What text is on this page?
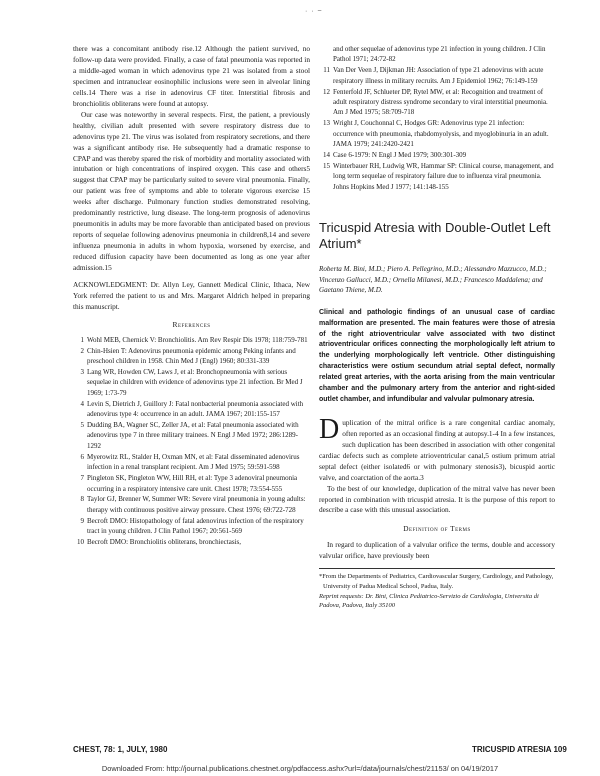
· · ~

there was a concomitant antibody rise.12 Although the patient survived, no follow-up data were provided. Finally, a case of fatal pneumonia was reported in a middle-aged woman in which adenovirus type 21 was isolated from a stool specimen and intranuclear eosinophilic inclusions were seen in alveolar lining cells.14 There was a rise in adenovirus CF titer. Interstitial fibrosis and bronchiolitis obliterans were found at autopsy.

Our case was noteworthy in several respects. First, the patient, a previously healthy, civilian adult presented with severe respiratory distress due to adenovirus type 21. The virus was isolated from respiratory secretions, and there was a significant antibody rise. He subsequently had a dramatic response to CPAP and was thereby spared the risk of morbidity and mortality associated with intubation or high concentrations of inspired oxygen. This case and others5 suggest that CPAP may be particularly suited to severe viral pneumonia. Finally, our patient was free of symptoms and able to tolerate vigorous exercise 15 weeks after discharge. Pulmonary function studies demonstrated resolving, predominantly restrictive, lung disease. The long-term prognosis of adenovirus pneumonitis in adults may be more favorable than anticipated based on previous reports of sequelae following adenovirus pneumonia in children8,14 and severe influenza pneumonia in adults in whom hypoxia, worsened by exercise, and reduced diffusion capacity have been documented as long as one year after admission.15

ACKNOWLEDGMENT: Dr. Allyn Ley, Gannett Medical Clinic, Ithaca, New York referred the patient to us and Mrs. Margaret Aldrich helped in preparing this manuscript.

References
1 Wohl MEB, Chernick V: Bronchiolitis. Am Rev Respir Dis 1978; 118:759-781
2 Chin-Hsien T: Adenovirus pneumonia epidemic among Peking infants and preschool children in 1958. Chin Med J (Engl) 1960; 80:331-339
3 Lang WR, Howden CW, Laws J, et al: Bronchopneumonia with serious sequelae in children with evidence of adenovirus type 21 infection. Br Med J 1969; 1:73-79
4 Levin S, Dietrich J, Guillory J: Fatal nonbacterial pneumonia associated with adenovirus type 4: occurrence in an adult. JAMA 1967; 201:155-157
5 Dudding BA, Wagner SC, Zeller JA, et al: Fatal pneumonia associated with adenovirus type 7 in three military trainees. N Engl J Med 1972; 286:1289-1292
6 Myerowitz RL, Stalder H, Oxman MN, et al: Fatal disseminated adenovirus infection in a renal transplant recipient. Am J Med 1975; 59:591-598
7 Pingleton SK, Pingleton WW, Hill RH, et al: Type 3 adenoviral pneumonia occurring in a respiratory intensive care unit. Chest 1978; 73:554-555
8 Taylor GJ, Brenner W, Summer WR: Severe viral pneumonia in young adults: therapy with continuous positive airway pressure. Chest 1976; 69:722-728
9 Becroft DMO: Histopathology of fatal adenovirus infection of the respiratory tract in young children. J Clin Pathol 1967; 20:561-569
10 Becroft DMO: Bronchiolitis obliterans, bronchiectasis,
and other sequelae of adenovirus type 21 infection in young children. J Clin Pathol 1971; 24:72-82
11 Van Der Veen J, Dijkman JH: Association of type 21 adenovirus with acute respiratory illness in military recruits. Am J Epidemiol 1962; 76:149-159
12 Fenterfold JF, Schlueter DP, Rytel MW, et al: Recognition and treatment of adult respiratory distress syndrome secondary to viral interstitial pneumonia. Am J Med 1975; 58:709-718
13 Wright J, Couchonnal C, Hodges GR: Adenovirus type 21 infection: occurrence with pneumonia, rhabdomyolysis, and myoglobinuria in an adult. JAMA 1979; 241:2420-2421
14 Case 6-1979: N Engl J Med 1979; 300:301-309
15 Winterbauer RH, Ludwig WR, Hammar SP: Clinical course, management, and long term sequelae of respiratory failure due to influenza viral pneumonia. Johns Hopkins Med J 1977; 141:148-155
Tricuspid Atresia with Double-Outlet Left Atrium*
Roberta M. Bini, M.D.; Piero A. Pellegrino, M.D.; Alessandro Mazzucco, M.D.; Vincenzo Gallucci, M.D.; Ornella Milanesi, M.D.; Francesco Maddalena; and Gaetano Thiene, M.D.
Clinical and pathologic findings of an unusual case of cardiac malformation are presented. The main features were those of atresia of the right atrioventricular valve associated with two distinct atrioventricular orifices connecting the morphologically left atrium to the underlying morphologically left ventricle. Other distinguishing characteristics were ostium secundum atrial septal defect, normally related great arteries, with the aorta arising from the main ventricular chamber and the pulmonary artery from the anterior and right-sided outlet chamber, and infundibular and valvular pulmonary atresia.

Duplication of the mitral orifice is a rare congenital cardiac anomaly, often reported as an occasional finding at autopsy.1-4 In a few instances, such duplication has been described in association with other congenital cardiac defects such as complete atrioventricular canal,5 ostium primum atrial septal defect (either isolated6 or with pulmonary stenosis3), bicuspid aortic valve, and coarctation of the aorta.3

To the best of our knowledge, duplication of the mitral valve has never been reported in combination with tricuspid atresia. It is the purpose of this report to describe a case with this unusual association.

Definition of Terms

In regard to duplication of a valvular orifice the terms, double and accessory valvular orifice, have previously been

*From the Departments of Pediatrics, Cardiovascular Surgery, Cardiology, and Pathology, University of Padua Medical School, Padua, Italy.
Reprint requests: Dr. Bini, Clinica Pediatrico-Servizio de Cardiologia, Universita di Padova, Padova, Italy 35100
CHEST, 78: 1, JULY, 1980	TRICUSPID ATRESIA 109
Downloaded From: http://journal.publications.chestnet.org/pdfaccess.ashx?url=/data/journals/chest/21153/ on 04/19/2017
